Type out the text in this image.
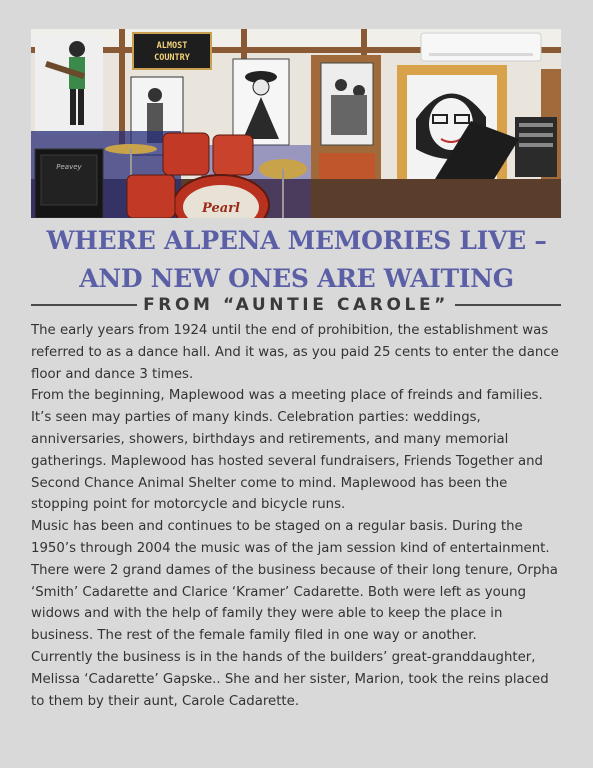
ALMOST
COUNTRY
Peavey
Pearl
WHERE ALPENA MEMORIES LIVE –
AND NEW ONES ARE WAITING
FROM “AUNTIE CAROLE”

The early years from 1924 until the end of prohibition, the establishment was referred to as a dance hall. And it was, as you paid 25 cents to enter the dance floor and dance 3 times.

From the beginning, Maplewood was a meeting place of freinds and families. It’s seen may parties of many kinds. Celebration parties: weddings, anniversaries, showers, birthdays and retirements, and many memorial gatherings. Maplewood has hosted several fundraisers, Friends Together and Second Chance Animal Shelter come to mind. Maplewood has been the stopping point for motorcycle and bicycle runs.

Music has been and continues to be staged on a regular basis. During the 1950’s through 2004 the music was of the jam session kind of entertainment.

There were 2 grand dames of the business because of their long tenure, Orpha ‘Smith’ Cadarette and Clarice ‘Kramer’ Cadarette. Both were left as young widows and with the help of family they were able to keep the place in business. The rest of the female family filed in one way or another.

Currently the business is in the hands of the builders’ great-granddaughter, Melissa ‘Cadarette’ Gapske.. She and her sister, Marion, took the reins placed to them by their aunt, Carole Cadarette.
